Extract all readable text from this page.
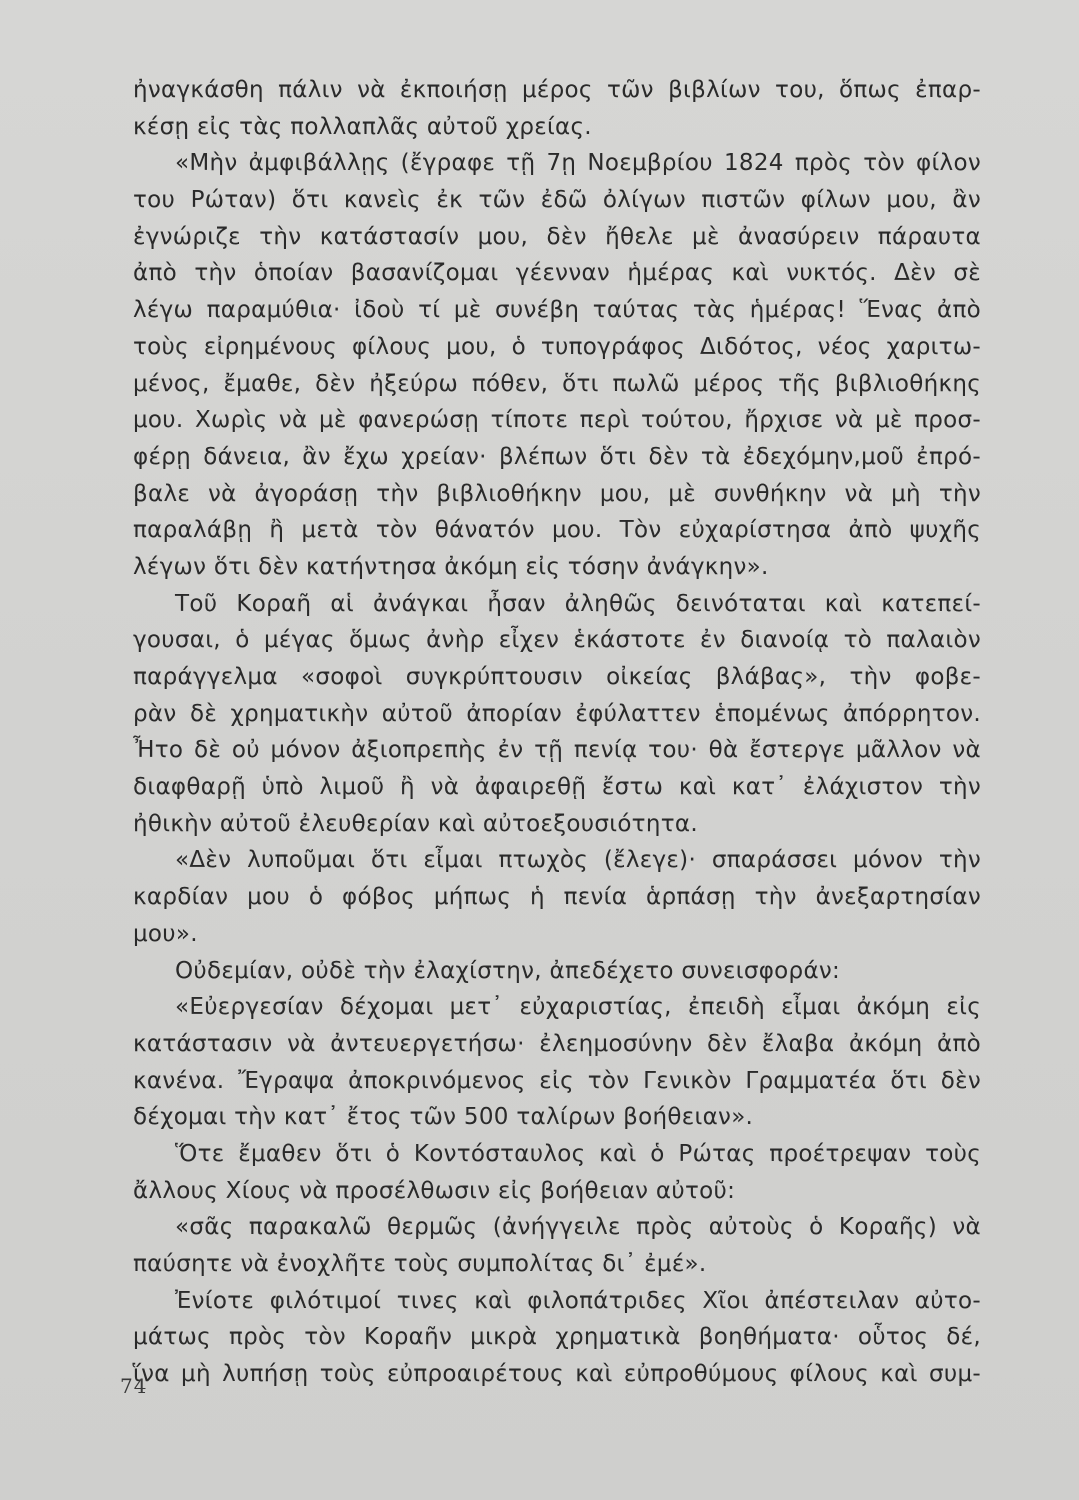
ἠναγκάσθη πάλιν νὰ ἐκποιήσῃ μέρος τῶν βιβλίων του, ὅπως ἐπαρ-
κέσῃ εἰς τὰς πολλαπλᾶς αὐτοῦ χρείας.
«Μὴν ἀμφιβάλλῃς (ἔγραφε τῇ 7ῃ Νοεμβρίου 1824 πρὸς τὸν φίλον
του Ρώταν) ὅτι κανεὶς ἐκ τῶν ἐδῶ ὀλίγων πιστῶν φίλων μου, ἂν
ἐγνώριζε τὴν κατάστασίν μου, δὲν ἤθελε μὲ ἀνασύρειν πάραυτα
ἀπὸ τὴν ὁποίαν βασανίζομαι γέενναν ἡμέρας καὶ νυκτός. Δὲν σὲ
λέγω παραμύθια· ἰδοὺ τί μὲ συνέβη ταύτας τὰς ἡμέρας! Ἕνας ἀπὸ
τοὺς εἰρημένους φίλους μου, ὁ τυπογράφος Διδότος, νέος χαριτω-
μένος, ἔμαθε, δὲν ἠξεύρω πόθεν, ὅτι πωλῶ μέρος τῆς βιβλιοθήκης
μου. Χωρὶς νὰ μὲ φανερώσῃ τίποτε περὶ τούτου, ἤρχισε νὰ μὲ προσ-
φέρῃ δάνεια, ἂν ἔχω χρείαν· βλέπων ὅτι δὲν τὰ ἐδεχόμην,μοῦ ἐπρό-
βαλε νὰ ἀγοράσῃ τὴν βιβλιοθήκην μου, μὲ συνθήκην νὰ μὴ τὴν
παραλάβῃ ἢ μετὰ τὸν θάνατόν μου. Τὸν εὐχαρίστησα ἀπὸ ψυχῆς
λέγων ὅτι δὲν κατήντησα ἀκόμη εἰς τόσην ἀνάγκην».
Τοῦ Κοραῆ αἱ ἀνάγκαι ἦσαν ἀληθῶς δεινόταται καὶ κατεπεί-
γουσαι, ὁ μέγας ὅμως ἀνὴρ εἶχεν ἑκάστοτε ἐν διανοίᾳ τὸ παλαιὸν
παράγγελμα «σοφοὶ συγκρύπτουσιν οἰκείας βλάβας», τὴν φοβε-
ρὰν δὲ χρηματικὴν αὐτοῦ ἀπορίαν ἐφύλαττεν ἑπομένως ἀπόρρητον.
Ἦτο δὲ οὐ μόνον ἀξιοπρεπὴς ἐν τῇ πενίᾳ του· θὰ ἔστεργε μᾶλλον νὰ
διαφθαρῇ ὑπὸ λιμοῦ ἢ νὰ ἀφαιρεθῇ ἔστω καὶ κατ᾽ ἐλάχιστον τὴν
ἠθικὴν αὐτοῦ ἐλευθερίαν καὶ αὐτοεξουσιότητα.
«Δὲν λυποῦμαι ὅτι εἶμαι πτωχὸς (ἔλεγε)· σπαράσσει μόνον τὴν
καρδίαν μου ὁ φόβος μήπως ἡ πενία ἁρπάσῃ τὴν ἀνεξαρτησίαν
μου».
Οὐδεμίαν, οὐδὲ τὴν ἐλαχίστην, ἀπεδέχετο συνεισφοράν:
«Εὐεργεσίαν δέχομαι μετ᾽ εὐχαριστίας, ἐπειδὴ εἶμαι ἀκόμη εἰς
κατάστασιν νὰ ἀντευεργετήσω· ἐλεημοσύνην δὲν ἔλαβα ἀκόμη ἀπὸ
κανένα. Ἔγραψα ἀποκρινόμενος εἰς τὸν Γενικὸν Γραμματέα ὅτι δὲν
δέχομαι τὴν κατ᾽ ἔτος τῶν 500 ταλίρων βοήθειαν».
Ὅτε ἔμαθεν ὅτι ὁ Κοντόσταυλος καὶ ὁ Ρώτας προέτρεψαν τοὺς
ἄλλους Χίους νὰ προσέλθωσιν εἰς βοήθειαν αὐτοῦ:
«σᾶς παρακαλῶ θερμῶς (ἀνήγγειλε πρὸς αὐτοὺς ὁ Κοραῆς) νὰ
παύσητε νὰ ἐνοχλῆτε τοὺς συμπολίτας δι᾽ ἐμέ».
Ἐνίοτε φιλότιμοί τινες καὶ φιλοπάτριδες Χῖοι ἀπέστειλαν αὐτο-
μάτως πρὸς τὸν Κοραῆν μικρὰ χρηματικὰ βοηθήματα· οὗτος δέ,
ἵνα μὴ λυπήσῃ τοὺς εὐπροαιρέτους καὶ εὐπροθύμους φίλους καὶ συμ-
74
